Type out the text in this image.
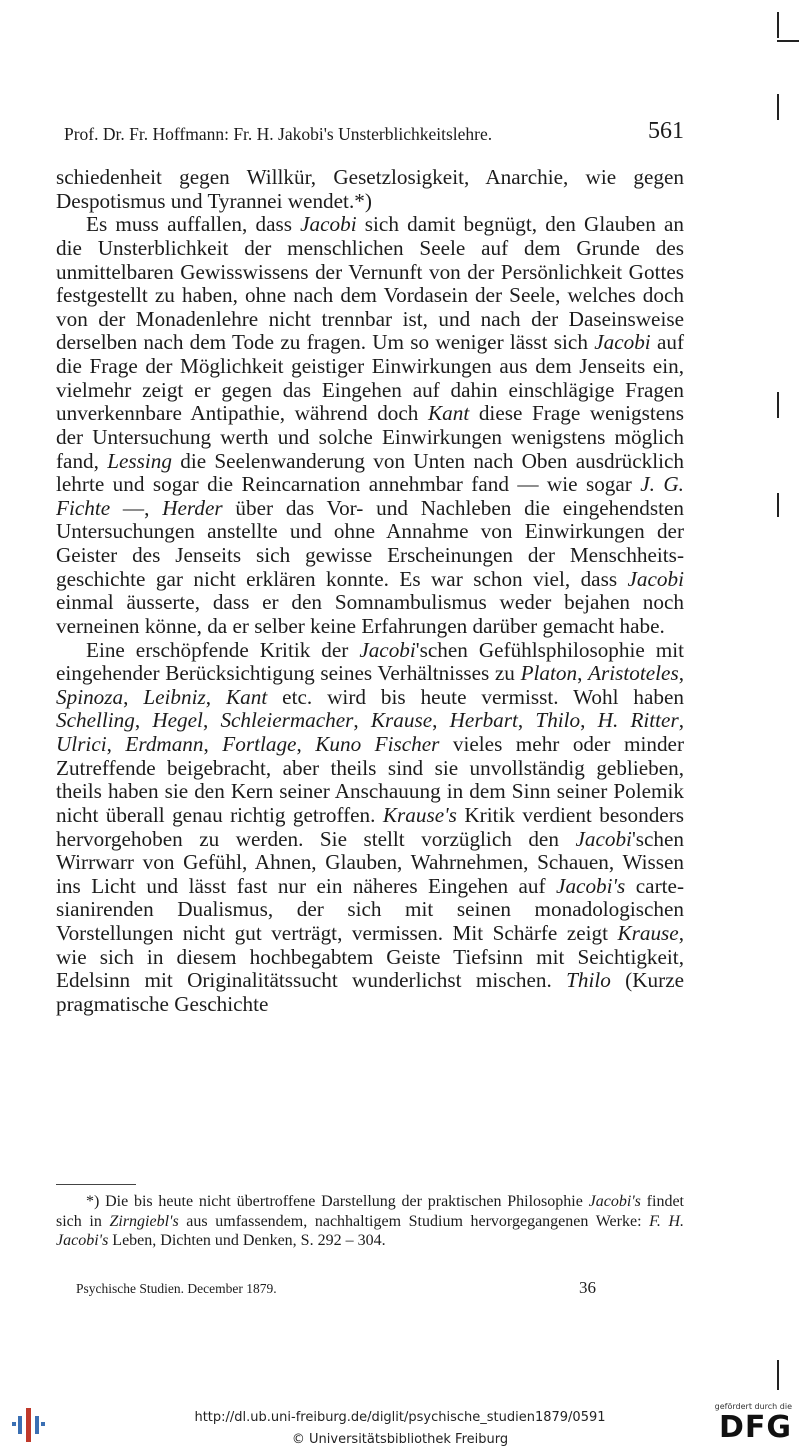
Prof. Dr. Fr. Hoffmann: Fr. H. Jakobi's Unsterblichkeitslehre.	561

schiedenheit gegen Willkür, Gesetzlosigkeit, Anarchie, wie gegen Despotismus und Tyrannei wendet.*)

Es muss auffallen, dass Jacobi sich damit begnügt, den Glauben an die Unsterblichkeit der menschlichen Seele auf dem Grunde des unmittelbaren Gewisswissens der Vernunft von der Persönlichkeit Gottes festgestellt zu haben, ohne nach dem Vordasein der Seele, welches doch von der Monadenlehre nicht trennbar ist, und nach der Daseinsweise derselben nach dem Tode zu fragen. Um so weniger lässt sich Jacobi auf die Frage der Möglichkeit geistiger Einwirkungen aus dem Jenseits ein, vielmehr zeigt er gegen das Eingehen auf dahin einschlägige Fragen unverkennbare Antipathie, während doch Kant diese Frage wenigstens der Untersuchung werth und solche Einwirkungen wenigstens möglich fand, Lessing die Seelenwanderung von Unten nach Oben ausdrücklich lehrte und sogar die Reincarnation annehmbar fand — wie sogar J. G. Fichte —, Herder über das Vor- und Nachleben die eingehendsten Untersuchungen anstellte und ohne Annahme von Einwirkungen der Geister des Jenseits sich gewisse Erscheinungen der Menschheitsgeschichte gar nicht erklären konnte. Es war schon viel, dass Jacobi einmal äusserte, dass er den Somnambulismus weder bejahen noch verneinen könne, da er selber keine Erfahrungen darüber gemacht habe.

Eine erschöpfende Kritik der Jacobi'schen Gefühlsphilosophie mit eingehender Berücksichtigung seines Verhältnisses zu Platon, Aristoteles, Spinoza, Leibniz, Kant etc. wird bis heute vermisst. Wohl haben Schelling, Hegel, Schleiermacher, Krause, Herbart, Thilo, H. Ritter, Ulrici, Erdmann, Fortlage, Kuno Fischer vieles mehr oder minder Zutreffende beigebracht, aber theils sind sie unvollständig geblieben, theils haben sie den Kern seiner Anschauung in dem Sinn seiner Polemik nicht überall genau richtig getroffen. Krause's Kritik verdient besonders hervorgehoben zu werden. Sie stellt vorzüglich den Jacobi'schen Wirrwarr von Gefühl, Ahnen, Glauben, Wahrnehmen, Schauen, Wissen ins Licht und lässt fast nur ein näheres Eingehen auf Jacobi's cartesianirenden Dualismus, der sich mit seinen monadologischen Vorstellungen nicht gut verträgt, vermissen. Mit Schärfe zeigt Krause, wie sich in diesem hochbegabtem Geiste Tiefsinn mit Seichtigkeit, Edelsinn mit Originalitätssucht wunderlichst mischen. Thilo (Kurze pragmatische Geschichte

*) Die bis heute nicht übertroffene Darstellung der praktischen Philosophie Jacobi's findet sich in Zirngiebl's aus umfassendem, nachhaltigem Studium hervorgegangenen Werke: F. H. Jacobi's Leben, Dichten und Denken, S. 292 – 304.

Psychische Studien. December 1879.	36
http://dl.ub.uni-freiburg.de/diglit/psychische_studien1879/0591
© Universitätsbibliothek Freiburg
gefördert durch die
DFG
